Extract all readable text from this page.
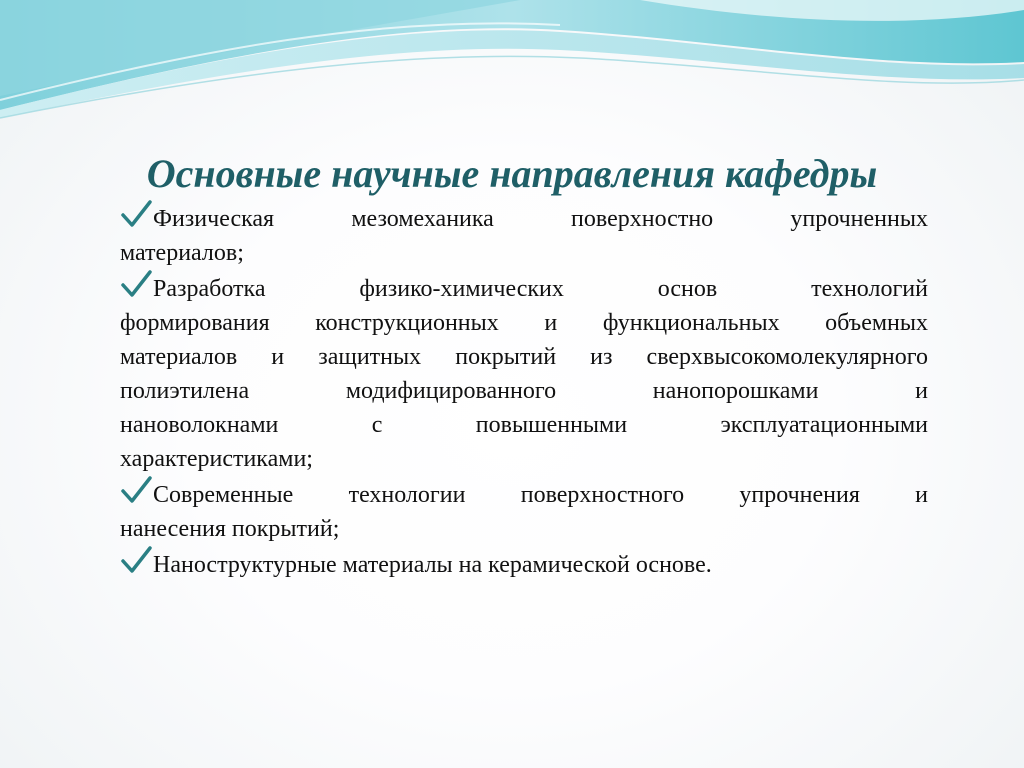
Основные научные направления кафедры

Физическая мезомеханика поверхностно упрочненных

материалов;

Разработка физико-химических основ технологий

формирования конструкционных и функциональных объемных

материалов и защитных покрытий из сверхвысокомолекулярного

полиэтилена модифицированного нанопорошками и

нановолокнами с повышенными эксплуатационными

характеристиками;

Современные технологии поверхностного упрочнения и

нанесения покрытий;

Наноструктурные материалы на керамической основе.
